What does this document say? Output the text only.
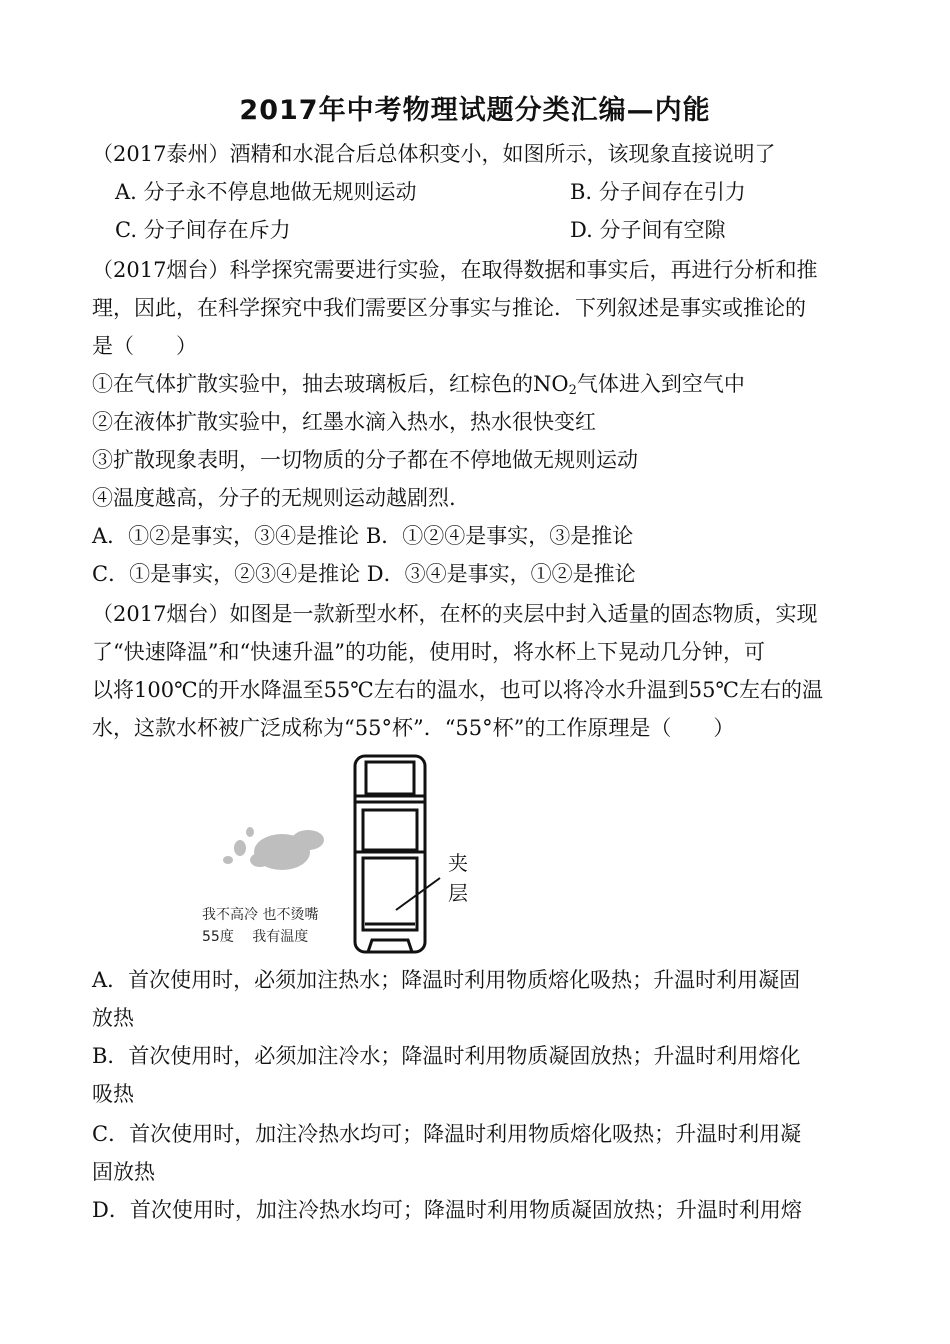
2017年中考物理试题分类汇编—内能
（2017泰州）酒精和水混合后总体积变小，如图所示，该现象直接说明了
A. 分子永不停息地做无规则运动	B. 分子间存在引力
C. 分子间存在斥力	D. 分子间有空隙
（2017烟台）科学探究需要进行实验，在取得数据和事实后，再进行分析和推
理，因此，在科学探究中我们需要区分事实与推论．下列叙述是事实或推论的
是（　　）
①在气体扩散实验中，抽去玻璃板后，红棕色的$NO_2$气体进入到空气中
②在液体扩散实验中，红墨水滴入热水，热水很快变红
③扩散现象表明，一切物质的分子都在不停地做无规则运动
④温度越高，分子的无规则运动越剧烈.
A．①②是事实，③④是推论 B．①②④是事实，③是推论
C．①是事实，②③④是推论 D．③④是事实，①②是推论
（2017烟台）如图是一款新型水杯，在杯的夹层中封入适量的固态物质，实现
了“快速降温”和“快速升温”的功能，使用时，将水杯上下晃动几分钟，可
以将100℃的开水降温至55℃左右的温水，也可以将冷水升温到55℃左右的温
水，这款水杯被广泛成称为“55°杯”．“55°杯”的工作原理是（　　）
夹 层
我不高冷 也不烫嘴
55度　 我有温度
A．首次使用时，必须加注热水；降温时利用物质熔化吸热；升温时利用凝固
放热
B．首次使用时，必须加注冷水；降温时利用物质凝固放热；升温时利用熔化
吸热
C．首次使用时，加注冷热水均可；降温时利用物质熔化吸热；升温时利用凝
固放热
D．首次使用时，加注冷热水均可；降温时利用物质凝固放热；升温时利用熔
